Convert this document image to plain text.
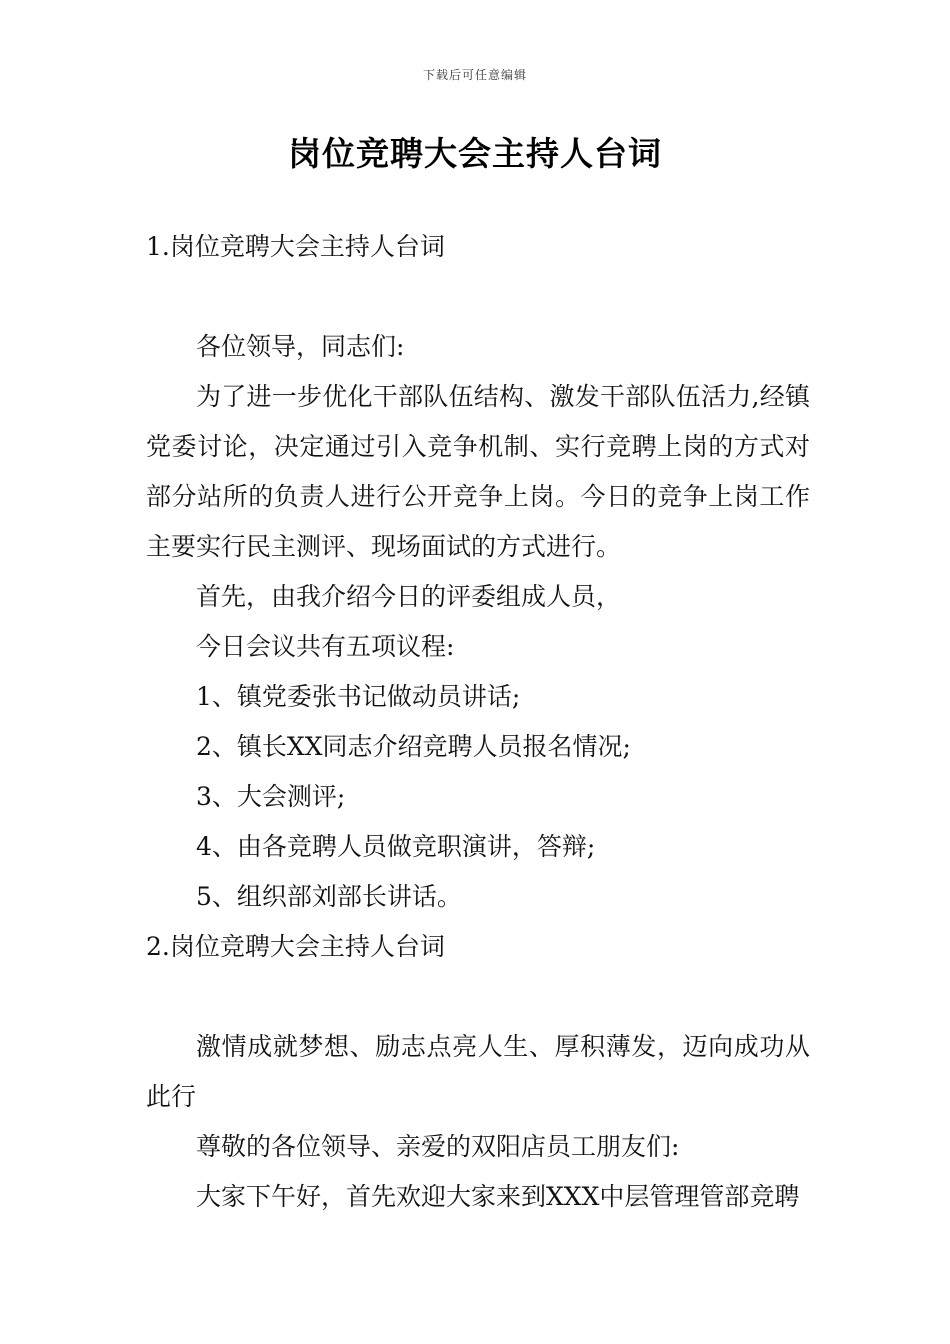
下载后可任意编辑
岗位竞聘大会主持人台词

1.岗位竞聘大会主持人台词

各位领导，同志们:

为了进一步优化干部队伍结构、激发干部队伍活力,经镇党委讨论，决定通过引入竞争机制、实行竞聘上岗的方式对部分站所的负责人进行公开竞争上岗。今日的竞争上岗工作主要实行民主测评、现场面试的方式进行。

首先，由我介绍今日的评委组成人员，

今日会议共有五项议程:

1、镇党委张书记做动员讲话;

2、镇长XX同志介绍竞聘人员报名情况;

3、大会测评;

4、由各竞聘人员做竞职演讲，答辩;

5、组织部刘部长讲话。

2.岗位竞聘大会主持人台词

激情成就梦想、励志点亮人生、厚积薄发，迈向成功从此行

尊敬的各位领导、亲爱的双阳店员工朋友们:

大家下午好，首先欢迎大家来到XXX中层管理管部竞聘
